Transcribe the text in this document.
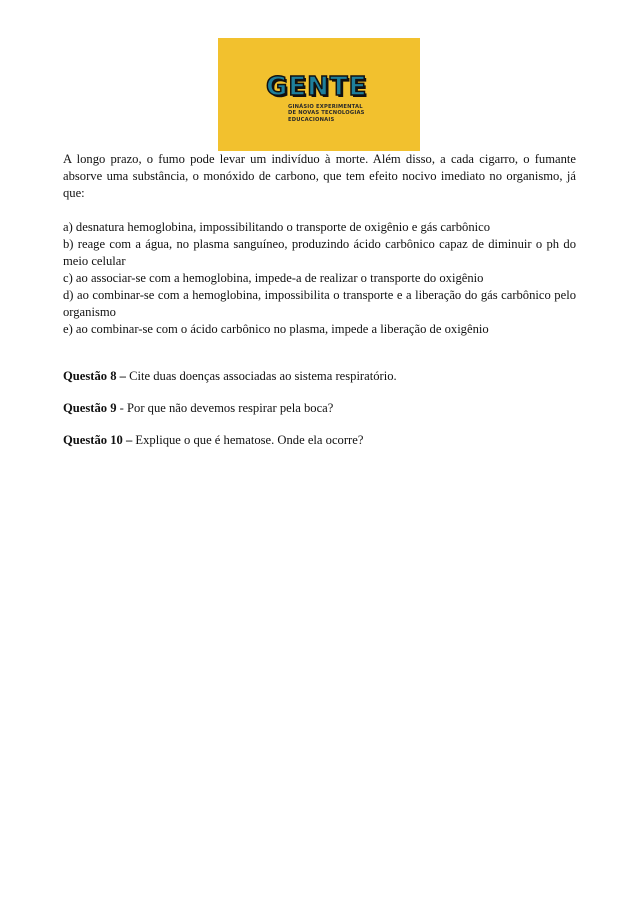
G E N T E
GINÁSIO EXPERIMENTAL
DE NOVAS TECNOLOGIAS
EDUCACIONAIS

A longo prazo, o fumo pode levar um indivíduo à morte. Além disso, a cada cigarro, o fumante absorve uma substância, o monóxido de carbono, que tem efeito nocivo imediato no organismo, já que:

a) desnatura hemoglobina, impossibilitando o transporte de oxigênio e gás carbônico

b) reage com a água, no plasma sanguíneo, produzindo ácido carbônico capaz de diminuir o ph do meio celular

c) ao associar-se com a hemoglobina, impede-a de realizar o transporte do oxigênio

d) ao combinar-se com a hemoglobina, impossibilita o transporte e a liberação do gás carbônico pelo organismo

e) ao combinar-se com o ácido carbônico no plasma, impede a liberação de oxigênio

Questão 8 – Cite duas doenças associadas ao sistema respiratório.

Questão 9 - Por que não devemos respirar pela boca?

Questão 10 – Explique o que é hematose. Onde ela ocorre?
